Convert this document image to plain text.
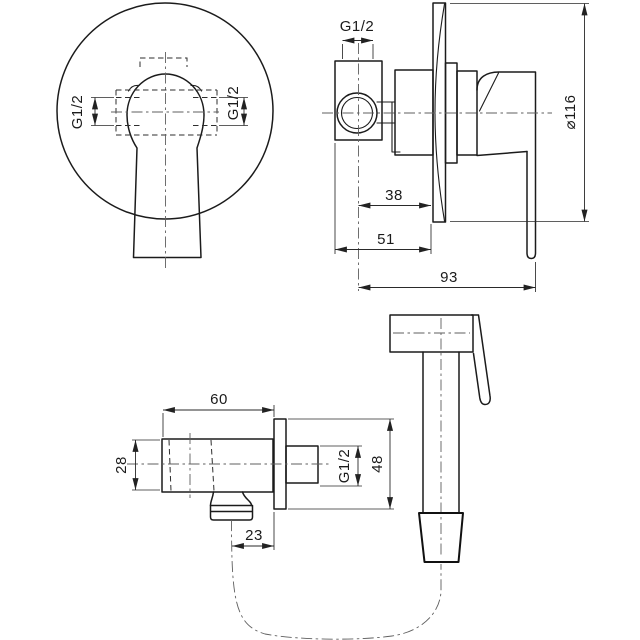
G1/2	G1/2
G1/2
38
51
93
⌀116
60
28	G1/2 48
23
